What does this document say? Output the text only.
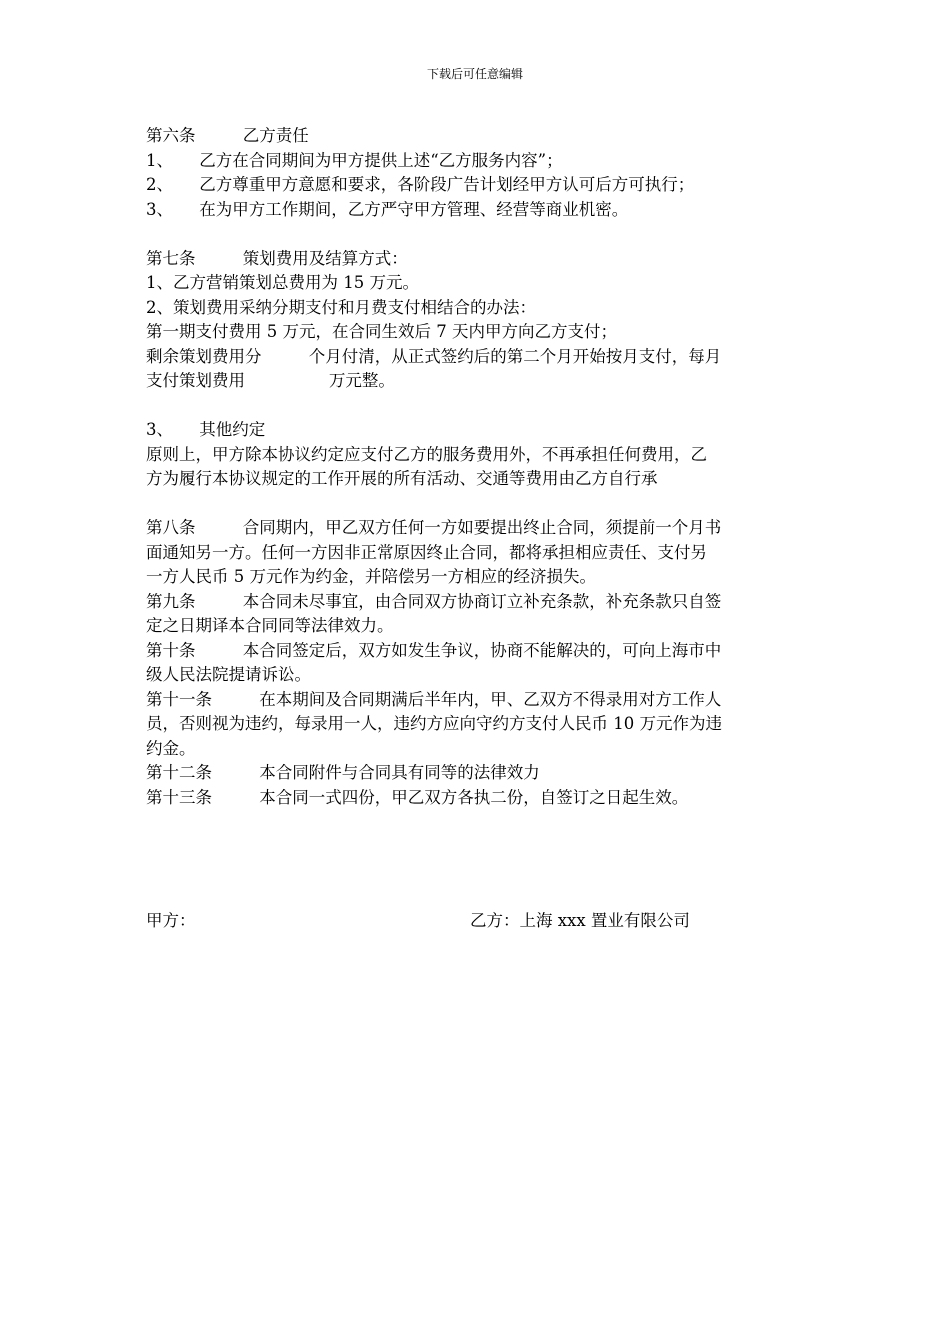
下载后可任意编辑
第六条         乙方责任
1、     乙方在合同期间为甲方提供上述“乙方服务内容”；
2、     乙方尊重甲方意愿和要求，各阶段广告计划经甲方认可后方可执行；
3、     在为甲方工作期间，乙方严守甲方管理、经营等商业机密。
第七条         策划费用及结算方式：
1、乙方营销策划总费用为 15 万元。
2、策划费用采纳分期支付和月费支付相结合的办法：
第一期支付费用 5 万元，在合同生效后 7 天内甲方向乙方支付；
剩余策划费用分         个月付清，从正式签约后的第二个月开始按月支付，每月
支付策划费用                万元整。
3、     其他约定
原则上，甲方除本协议约定应支付乙方的服务费用外，不再承担任何费用，乙
方为履行本协议规定的工作开展的所有活动、交通等费用由乙方自行承
第八条         合同期内，甲乙双方任何一方如要提出终止合同，须提前一个月书
面通知另一方。任何一方因非正常原因终止合同，都将承担相应责任、支付另
一方人民币 5 万元作为约金，并陪偿另一方相应的经济损失。
第九条         本合同未尽事宜，由合同双方协商订立补充条款，补充条款只自签
定之日期译本合同同等法律效力。
第十条         本合同签定后，双方如发生争议，协商不能解决的，可向上海市中
级人民法院提请诉讼。
第十一条         在本期间及合同期满后半年内，甲、乙双方不得录用对方工作人
员，否则视为违约，每录用一人，违约方应向守约方支付人民币 10 万元作为违
约金。
第十二条         本合同附件与合同具有同等的法律效力
第十三条         本合同一式四份，甲乙双方各执二份，自签订之日起生效。
甲方：	乙方：上海 xxx 置业有限公司
